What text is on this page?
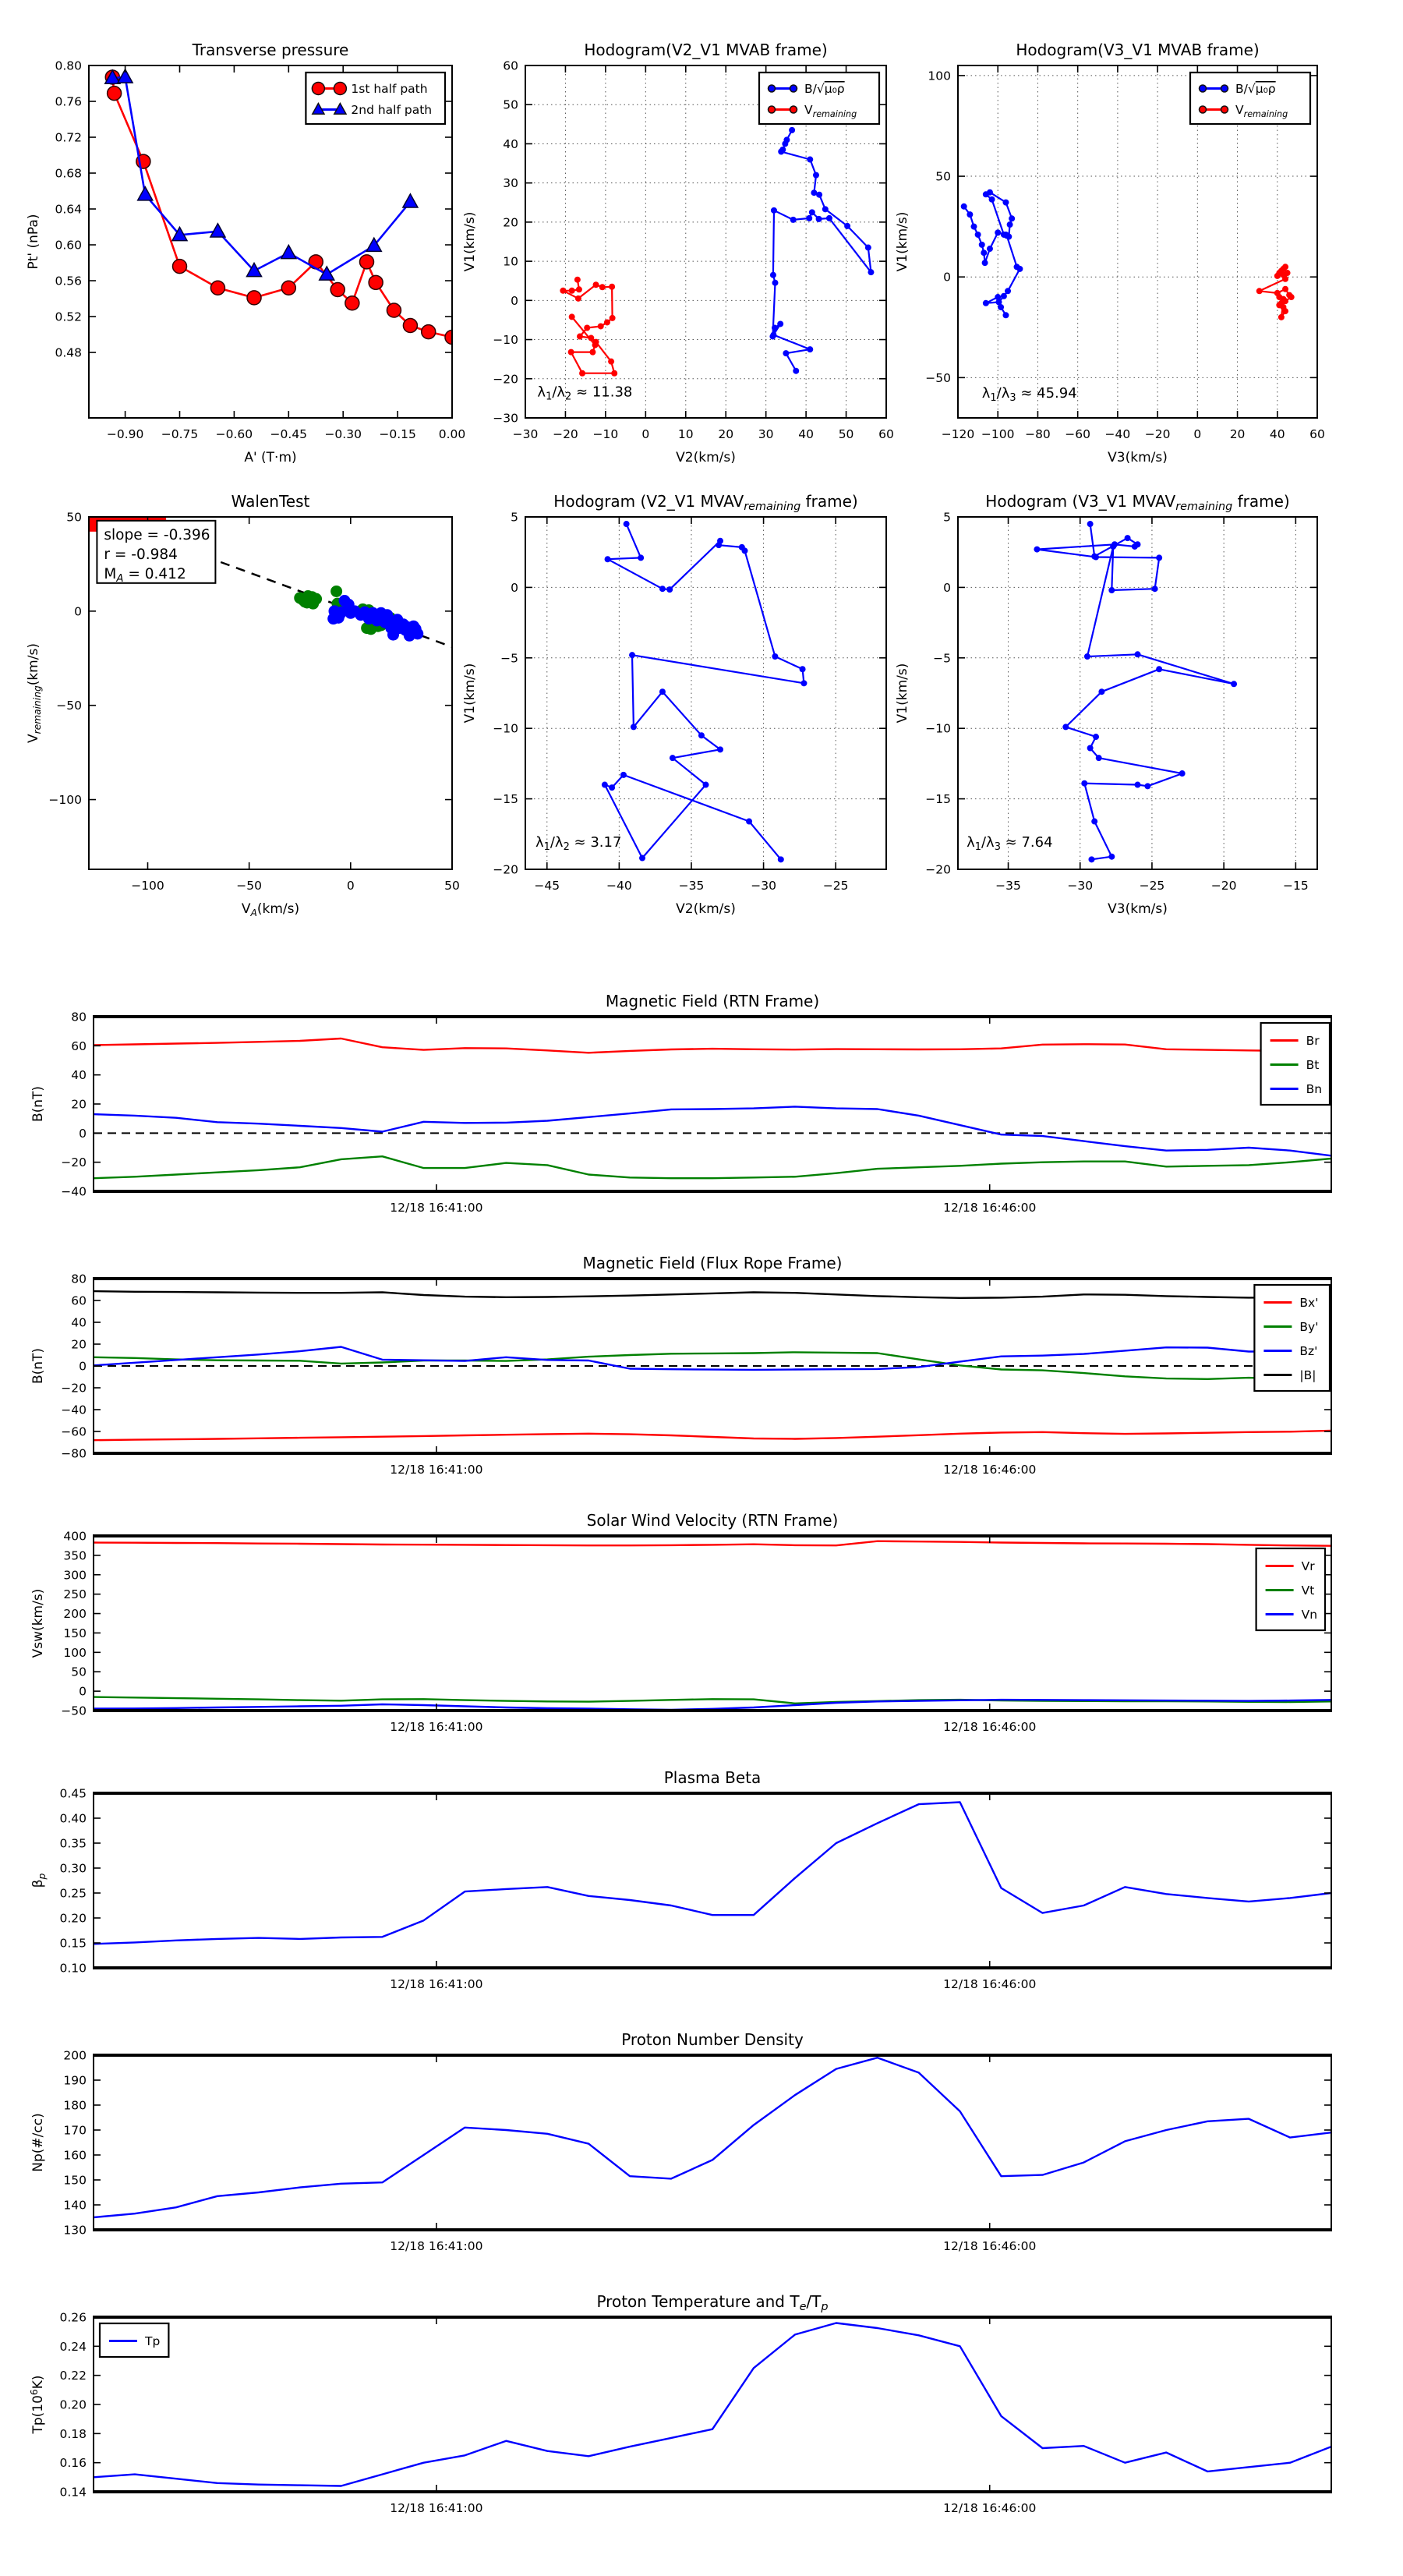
−0.90 −0.75 −0.60 −0.45 −0.30 −0.15 0.00
0.48
0.52
0.56
0.60
0.64
0.68
0.72
0.76
0.80
Transverse pressure
A' (T·m)
Pt' (nPa)
1st half path
2nd half path
−30 −20 −10 0 10 20 30 40 50 60
−30
−20
−10
0
10
20
30
40
50
60
Hodogram(V2_V1 MVAB frame)
V2(km/s)
V1(km/s)
$\lambda_1/\lambda_2 \approx 11.38$
B/√μ₀ρ
$V_{remaining}$
−120 −100 −80 −60 −40 −20 0 20 40 60
−50
0
50
100
Hodogram(V3_V1 MVAB frame)
V3(km/s)
V1(km/s)
$\lambda_1/\lambda_3 \approx 45.94$
B/√μ₀ρ
$V_{remaining}$
−100	−50	0	50
−100
−50
0
50
WalenTest
$V_A(km/s)$
$V_{remaining}(km/s)$
slope = -0.396
r = -0.984
$M_A = 0.412$
−45	−40	−35	−30	−25
−20
−15
−10
−5
0
5
Hodogram (V2_V1 $MVAV_{remaining}$ frame)
V2(km/s)
V1(km/s)
$\lambda_1/\lambda_2 \approx 3.17$
−35	−30	−25	−20	−15
−20
−15
−10
−5
0
5
Hodogram (V3_V1 $MVAV_{remaining}$ frame)
V3(km/s)
V1(km/s)
$\lambda_1/\lambda_3 \approx 7.64$
12/18 16:41:00	12/18 16:46:00
−40
−20
0
20
40
60
80
Magnetic Field (RTN Frame)
B(nT)
Br
Bt
Bn
12/18 16:41:00	12/18 16:46:00
−80
−60
−40
−20
0
20
40
60
80
Magnetic Field (Flux Rope Frame)
B(nT)
Bx'
By'
Bz'
|B|
12/18 16:41:00	12/18 16:46:00
−50
0
50
100
150
200
250
300
350
400
Solar Wind Velocity (RTN Frame)
Vsw(km/s)
Vr
Vt
Vn
12/18 16:41:00	12/18 16:46:00
0.10
0.15
0.20
0.25
0.30
0.35
0.40
0.45
Plasma Beta
$\beta_p$
12/18 16:41:00	12/18 16:46:00
130
140
150
160
170
180
190
200
Proton Number Density
Np(#/cc)
12/18 16:41:00	12/18 16:46:00
0.14
0.16
0.18
0.20
0.22
0.24
0.26
Proton Temperature and $T_e/T_p$
$Tp(10^6K)$
Tp
